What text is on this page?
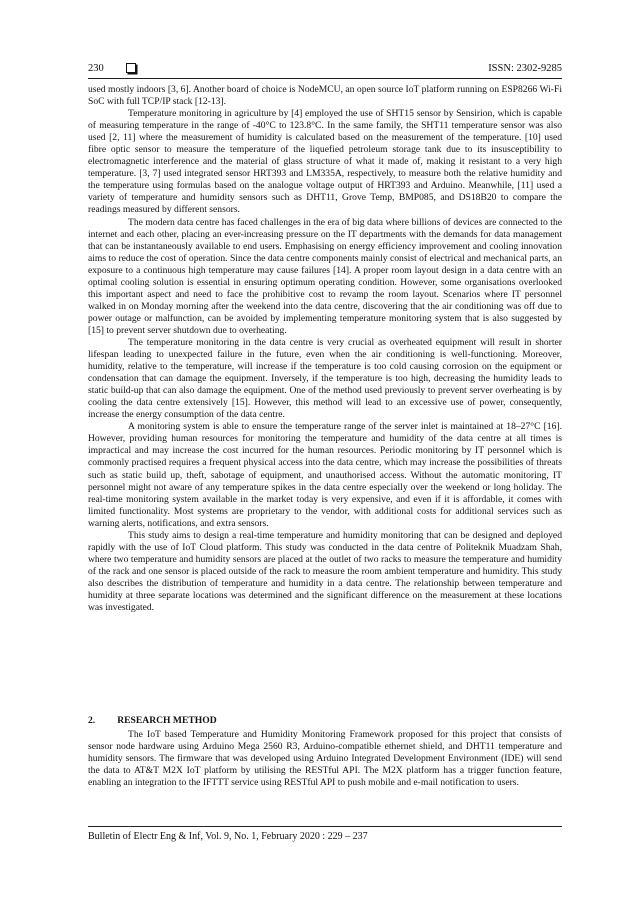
230	ISSN: 2302-9285

used mostly indoors [3, 6]. Another board of choice is NodeMCU, an open source IoT platform running on ESP8266 Wi-Fi SoC with full TCP/IP stack [12-13].

Temperature monitoring in agriculture by [4] employed the use of SHT15 sensor by Sensirion, which is capable of measuring temperature in the range of -40°C to 123.8°C. In the same family, the SHT11 temperature sensor was also used [2, 11] where the measurement of humidity is calculated based on the measurement of the temperature. [10] used fibre optic sensor to measure the temperature of the liquefied petroleum storage tank due to its insusceptibility to electromagnetic interference and the material of glass structure of what it made of, making it resistant to a very high temperature. [3, 7] used integrated sensor HRT393 and LM335A, respectively, to measure both the relative humidity and the temperature using formulas based on the analogue voltage output of HRT393 and Arduino. Meanwhile, [11] used a variety of temperature and humidity sensors such as DHT11, Grove Temp, BMP085, and DS18B20 to compare the readings measured by different sensors.

The modern data centre has faced challenges in the era of big data where billions of devices are connected to the internet and each other, placing an ever-increasing pressure on the IT departments with the demands for data management that can be instantaneously available to end users. Emphasising on energy efficiency improvement and cooling innovation aims to reduce the cost of operation. Since the data centre components mainly consist of electrical and mechanical parts, an exposure to a continuous high temperature may cause failures [14]. A proper room layout design in a data centre with an optimal cooling solution is essential in ensuring optimum operating condition. However, some organisations overlooked this important aspect and need to face the prohibitive cost to revamp the room layout. Scenarios where IT personnel walked in on Monday morning after the weekend into the data centre, discovering that the air conditioning was off due to power outage or malfunction, can be avoided by implementing temperature monitoring system that is also suggested by [15] to prevent server shutdown due to overheating.

The temperature monitoring in the data centre is very crucial as overheated equipment will result in shorter lifespan leading to unexpected failure in the future, even when the air conditioning is well-functioning. Moreover, humidity, relative to the temperature, will increase if the temperature is too cold causing corrosion on the equipment or condensation that can damage the equipment. Inversely, if the temperature is too high, decreasing the humidity leads to static build-up that can also damage the equipment. One of the method used previously to prevent server overheating is by cooling the data centre extensively [15]. However, this method will lead to an excessive use of power, consequently, increase the energy consumption of the data centre.

A monitoring system is able to ensure the temperature range of the server inlet is maintained at 18–27°C [16]. However, providing human resources for monitoring the temperature and humidity of the data centre at all times is impractical and may increase the cost incurred for the human resources. Periodic monitoring by IT personnel which is commonly practised requires a frequent physical access into the data centre, which may increase the possibilities of threats such as static build up, theft, sabotage of equipment, and unauthorised access. Without the automatic monitoring, IT personnel might not aware of any temperature spikes in the data centre especially over the weekend or long holiday. The real-time monitoring system available in the market today is very expensive, and even if it is affordable, it comes with limited functionality. Most systems are proprietary to the vendor, with additional costs for additional services such as warning alerts, notifications, and extra sensors.

This study aims to design a real-time temperature and humidity monitoring that can be designed and deployed rapidly with the use of IoT Cloud platform. This study was conducted in the data centre of Politeknik Muadzam Shah, where two temperature and humidity sensors are placed at the outlet of two racks to measure the temperature and humidity of the rack and one sensor is placed outside of the rack to measure the room ambient temperature and humidity. This study also describes the distribution of temperature and humidity in a data centre. The relationship between temperature and humidity at three separate locations was determined and the significant difference on the measurement at these locations was investigated.

2. RESEARCH METHOD

The IoT based Temperature and Humidity Monitoring Framework proposed for this project that consists of sensor node hardware using Arduino Mega 2560 R3, Arduino-compatible ethernet shield, and DHT11 temperature and humidity sensors. The firmware that was developed using Arduino Integrated Development Environment (IDE) will send the data to AT&T M2X IoT platform by utilising the RESTful API. The M2X platform has a trigger function feature, enabling an integration to the IFTTT service using RESTful API to push mobile and e-mail notification to users.

Bulletin of Electr Eng & Inf, Vol. 9, No. 1, February 2020 : 229 – 237
